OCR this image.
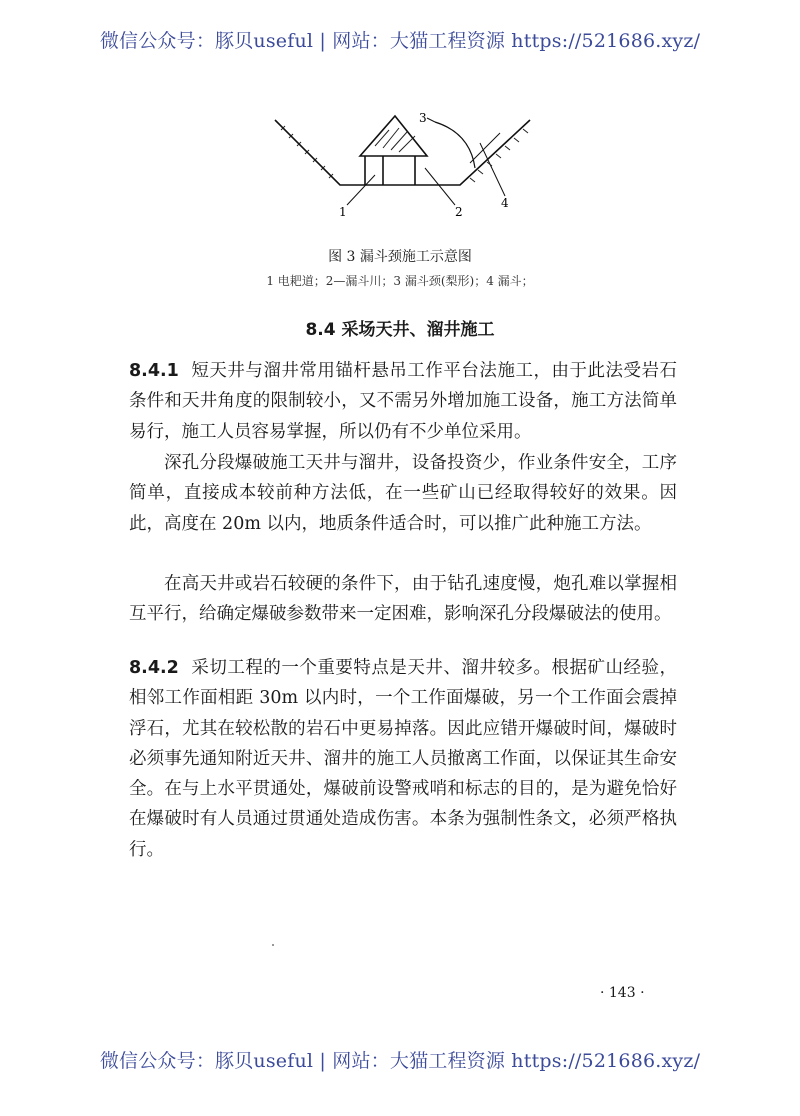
微信公众号：豚贝useful | 网站：大猫工程资源 https://521686.xyz/
1	2
3
4
图 3 漏斗颈施工示意图
1 电耙道；2—漏斗川；3 漏斗颈(梨形)；4 漏斗；
8.4 采场天井、溜井施工
8.4.1 短天井与溜井常用锚杆悬吊工作平台法施工，由于此法受岩石条件和天井角度的限制较小，又不需另外增加施工设备，施工方法简单易行，施工人员容易掌握，所以仍有不少单位采用。
深孔分段爆破施工天井与溜井，设备投资少，作业条件安全，工序简单，直接成本较前种方法低，在一些矿山已经取得较好的效果。因此，高度在 20m 以内，地质条件适合时，可以推广此种施工方法。
在高天井或岩石较硬的条件下，由于钻孔速度慢，炮孔难以掌握相互平行，给确定爆破参数带来一定困难，影响深孔分段爆破法的使用。
8.4.2 采切工程的一个重要特点是天井、溜井较多。根据矿山经验，相邻工作面相距 30m 以内时，一个工作面爆破，另一个工作面会震掉浮石，尤其在较松散的岩石中更易掉落。因此应错开爆破时间，爆破时必须事先通知附近天井、溜井的施工人员撤离工作面，以保证其生命安全。在与上水平贯通处，爆破前设警戒哨和标志的目的，是为避免恰好在爆破时有人员通过贯通处造成伤害。本条为强制性条文，必须严格执行。
· 143 ·
微信公众号：豚贝useful | 网站：大猫工程资源 https://521686.xyz/
